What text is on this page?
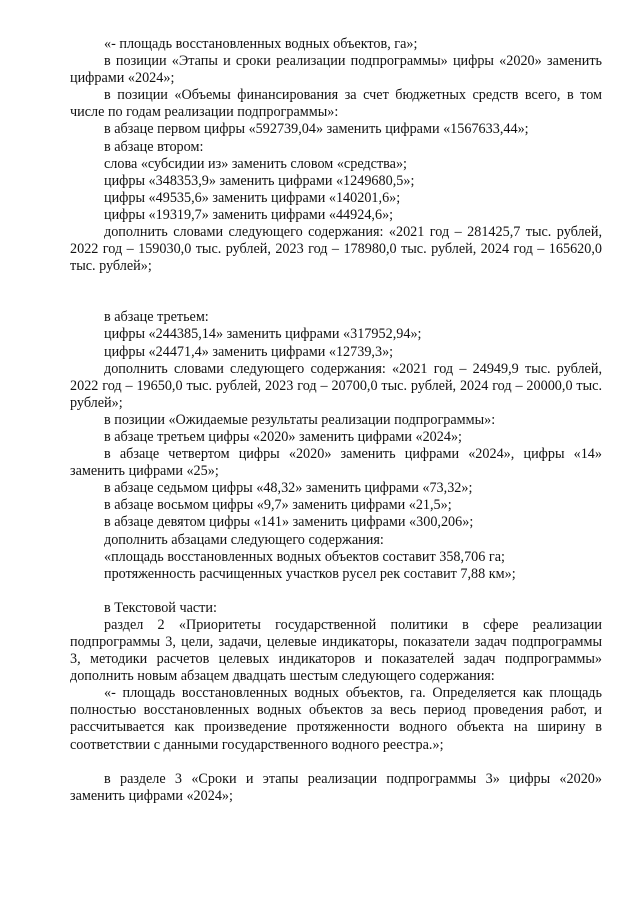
«- площадь восстановленных водных объектов, га»;

в позиции «Этапы и сроки реализации подпрограммы» цифры «2020» заменить цифрами «2024»;

в позиции «Объемы финансирования за счет бюджетных средств всего, в том числе по годам реализации подпрограммы»:

в абзаце первом цифры «592739,04» заменить цифрами «1567633,44»;

в абзаце втором:

слова «субсидии из» заменить словом «средства»;

цифры «348353,9» заменить цифрами «1249680,5»;

цифры «49535,6» заменить цифрами «140201,6»;

цифры «19319,7» заменить цифрами «44924,6»;

дополнить словами следующего содержания: «2021 год – 281425,7 тыс. рублей, 2022 год – 159030,0 тыс. рублей, 2023 год – 178980,0 тыс. рублей, 2024 год – 165620,0 тыс. рублей»;

в абзаце третьем:

цифры «244385,14» заменить цифрами «317952,94»;

цифры «24471,4» заменить цифрами «12739,3»;

дополнить словами следующего содержания: «2021 год – 24949,9 тыс. рублей, 2022 год – 19650,0 тыс. рублей, 2023 год – 20700,0 тыс. рублей, 2024 год – 20000,0 тыс. рублей»;

в позиции «Ожидаемые результаты реализации подпрограммы»:

в абзаце третьем цифры «2020» заменить цифрами «2024»;

в абзаце четвертом цифры «2020» заменить цифрами «2024», цифры «14» заменить цифрами «25»;

в абзаце седьмом цифры «48,32» заменить цифрами «73,32»;

в абзаце восьмом цифры «9,7» заменить цифрами «21,5»;

в абзаце девятом цифры «141» заменить цифрами «300,206»;

дополнить абзацами следующего содержания:

«площадь восстановленных водных объектов составит 358,706 га;

протяженность расчищенных участков русел рек составит 7,88 км»;

в Текстовой части:

раздел 2 «Приоритеты государственной политики в сфере реализации подпрограммы 3, цели, задачи, целевые индикаторы, показатели задач подпрограммы 3, методики расчетов целевых индикаторов и показателей задач подпрограммы» дополнить новым абзацем двадцать шестым следующего содержания:

«- площадь восстановленных водных объектов, га. Определяется как площадь полностью восстановленных водных объектов за весь период проведения работ, и рассчитывается как произведение протяженности водного объекта на ширину в соответствии с данными государственного водного реестра.»;

в разделе 3 «Сроки и этапы реализации подпрограммы 3» цифры «2020» заменить цифрами «2024»;
